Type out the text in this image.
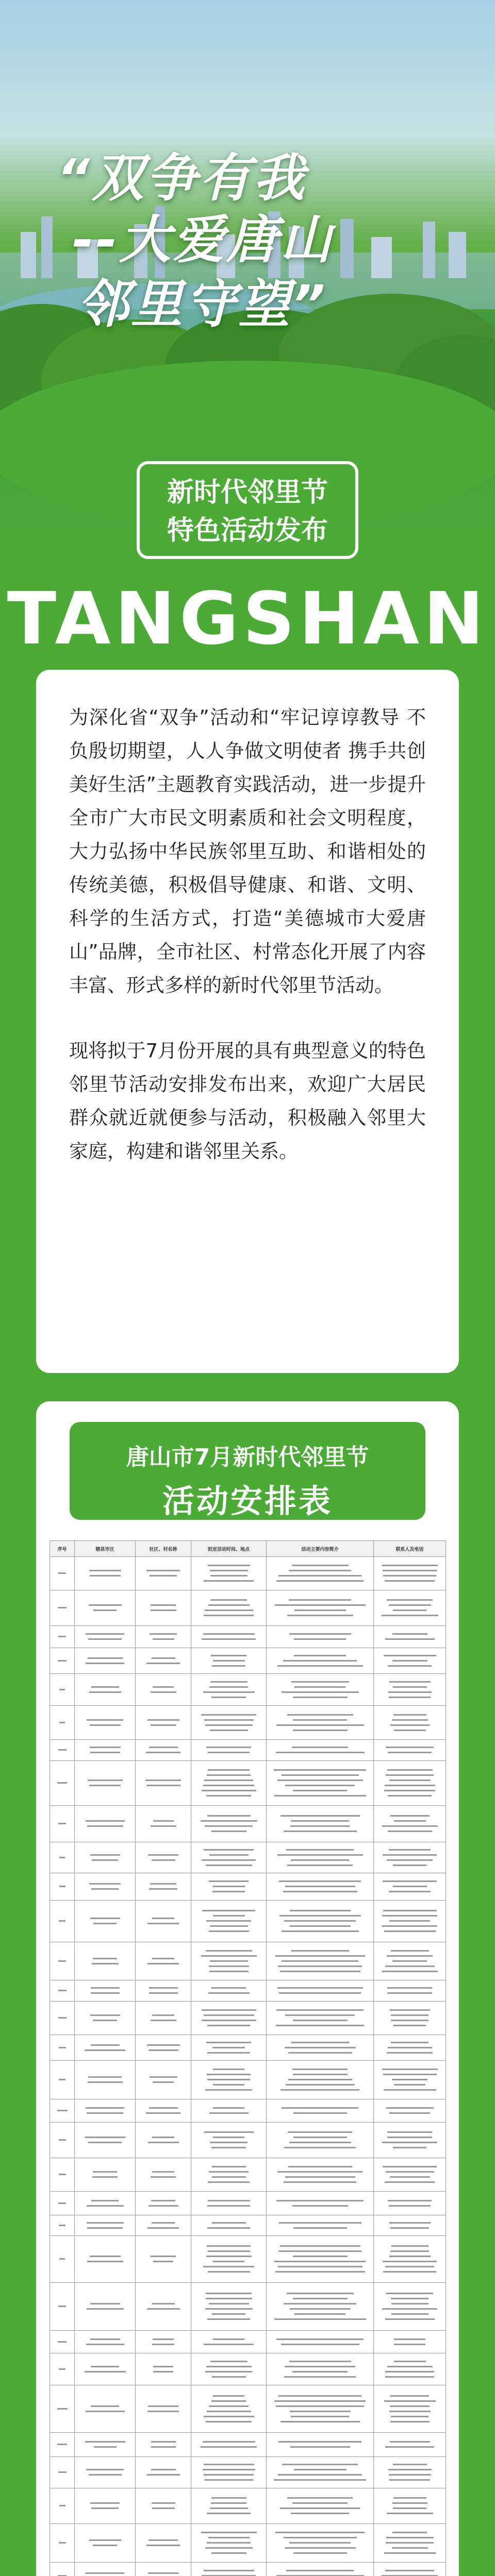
“双争有我
--大爱唐山
邻里守望”
新时代邻里节
特色活动发布
TANGSHAN

为深化省“双争”活动和“牢记谆谆教导 不负殷切期望，人人争做文明使者 携手共创美好生活”主题教育实践活动，进一步提升全市广大市民文明素质和社会文明程度，大力弘扬中华民族邻里互助、和谐相处的传统美德，积极倡导健康、和谐、文明、科学的生活方式，打造“美德城市大爱唐山”品牌，全市社区、村常态化开展了内容丰富、形式多样的新时代邻里节活动。

现将拟于7月份开展的具有典型意义的特色邻里节活动安排发布出来，欢迎广大居民群众就近就便参与活动，积极融入邻里大家庭，构建和谐邻里关系。

唐山市7月新时代邻里节
活动安排表
序号	辖县市区	社区、村名称	拟定活动时间、地点	活动主要内容简介	联系人及电话
